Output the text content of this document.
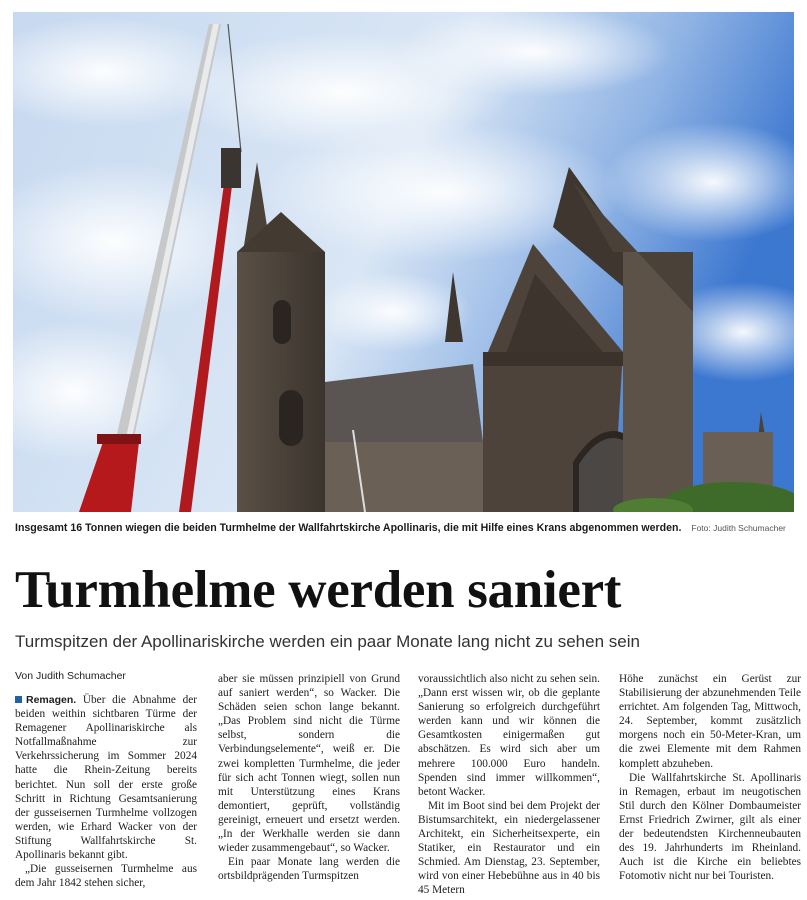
Insgesamt 16 Tonnen wiegen die beiden Turmhelme der Wallfahrtskirche Apollinaris, die mit Hilfe eines Krans abgenommen werden. Foto: Judith Schumacher
Turmhelme werden saniert
Turmspitzen der Apollinariskirche werden ein paar Monate lang nicht zu sehen sein
Von Judith Schumacher

Remagen. Über die Abnahme der beiden weithin sichtbaren Türme der Remagener Apollinariskirche als Notfallmaßnahme zur Verkehrssicherung im Sommer 2024 hatte die Rhein-Zeitung bereits berichtet. Nun soll der erste große Schritt in Richtung Gesamtsanierung der gusseisernen Turmhelme vollzogen werden, wie Erhard Wacker von der Stiftung Wallfahrtskirche St. Apollinaris bekannt gibt.

„Die gusseisernen Turmhelme aus dem Jahr 1842 stehen sicher,

aber sie müssen prinzipiell von Grund auf saniert werden“, so Wacker. Die Schäden seien schon lange bekannt. „Das Problem sind nicht die Türme selbst, sondern die Verbindungselemente“, weiß er. Die zwei kompletten Turmhelme, die jeder für sich acht Tonnen wiegt, sollen nun mit Unterstützung eines Krans demontiert, geprüft, vollständig gereinigt, erneuert und ersetzt werden. „In der Werkhalle werden sie dann wieder zusammengebaut“, so Wacker.

Ein paar Monate lang werden die ortsbildprägenden Turmspitzen

voraussichtlich also nicht zu sehen sein. „Dann erst wissen wir, ob die geplante Sanierung so erfolgreich durchgeführt werden kann und wir können die Gesamtkosten einigermaßen gut abschätzen. Es wird sich aber um mehrere 100.000 Euro handeln. Spenden sind immer willkommen“, betont Wacker.

Mit im Boot sind bei dem Projekt der Bistumsarchitekt, ein niedergelassener Architekt, ein Sicherheitsexperte, ein Statiker, ein Restaurator und ein Schmied. Am Dienstag, 23. September, wird von einer Hebebühne aus in 40 bis 45 Metern

Höhe zunächst ein Gerüst zur Stabilisierung der abzunehmenden Teile errichtet. Am folgenden Tag, Mittwoch, 24. September, kommt zusätzlich morgens noch ein 50-Meter-Kran, um die zwei Elemente mit dem Rahmen komplett abzuheben.

Die Wallfahrtskirche St. Apollinaris in Remagen, erbaut im neugotischen Stil durch den Kölner Dombaumeister Ernst Friedrich Zwirner, gilt als einer der bedeutendsten Kirchenneubauten des 19. Jahrhunderts im Rheinland. Auch ist die Kirche ein beliebtes Fotomotiv nicht nur bei Touristen.
